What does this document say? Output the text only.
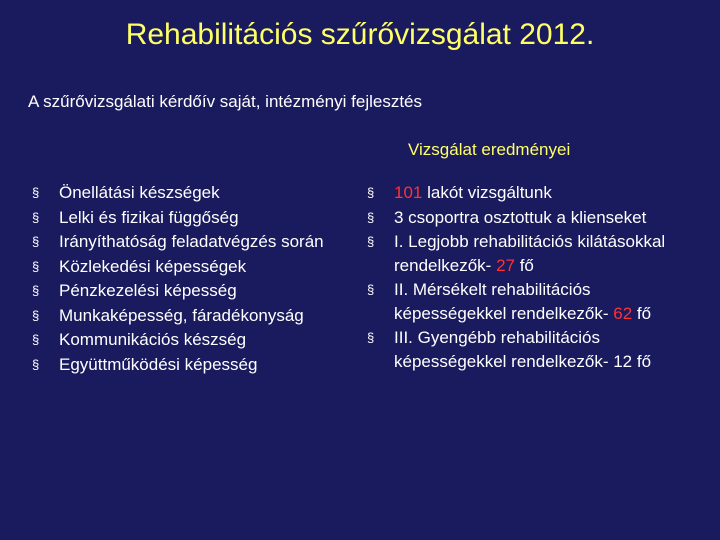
Rehabilitációs szűrővizsgálat 2012.
A szűrővizsgálati kérdőív saját, intézményi fejlesztés
Vizsgálat eredményei
§ Önellátási készségek
§ Lelki és fizikai függőség
§ Irányíthatóság feladatvégzés során
§ Közlekedési képességek
§ Pénzkezelési képesség
§ Munkaképesség, fáradékonyság
§ Kommunikációs készség
§ Együttműködési képesség
§ 101 lakót vizsgáltunk
§ 3 csoportra osztottuk a klienseket
§ I. Legjobb rehabilitációs kilátásokkal rendelkezők- 27 fő
§ II. Mérsékelt rehabilitációs képességekkel rendelkezők- 62 fő
§ III. Gyengébb rehabilitációs képességekkel rendelkezők- 12 fő
